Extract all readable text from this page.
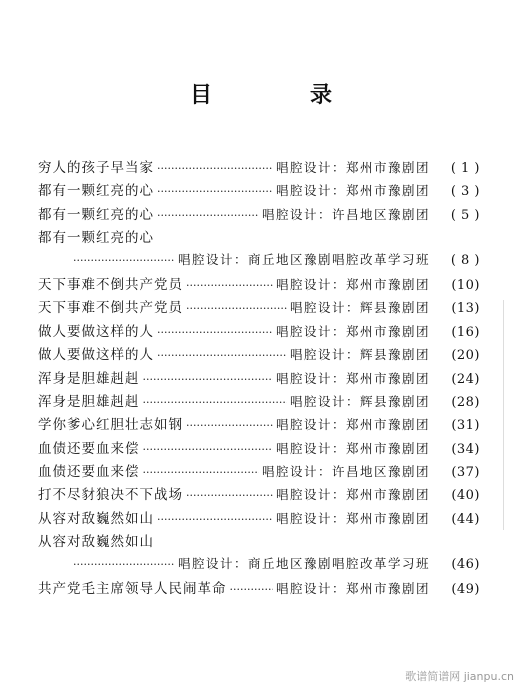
目　录
穷人的孩子早当家 ·····	唱腔设计：郑州市豫剧团	( 1 )
都有一颗红亮的心 ·····	唱腔设计：郑州市豫剧团	( 3 )
都有一颗红亮的心 ·····	唱腔设计：许昌地区豫剧团	( 5 )
都有一颗红亮的心
·····
唱腔设计：商丘地区豫剧唱腔改革学习班	( 8 )
天下事难不倒共产党员 ·····	唱腔设计：郑州市豫剧团	(10)
天下事难不倒共产党员 ·····	唱腔设计：辉县豫剧团	(13)
做人要做这样的人 ·····	唱腔设计：郑州市豫剧团	(16)
做人要做这样的人 ·····	唱腔设计：辉县豫剧团	(20)
浑身是胆雄赳赳 ·····	唱腔设计：郑州市豫剧团	(24)
浑身是胆雄赳赳 ·····	唱腔设计：辉县豫剧团	(28)
学你爹心红胆壮志如钢 ·····	唱腔设计：郑州市豫剧团	(31)
血债还要血来偿 ·····	唱腔设计：郑州市豫剧团	(34)
血债还要血来偿 ·····	唱腔设计：许昌地区豫剧团	(37)
打不尽豺狼决不下战场 ·····	唱腔设计：郑州市豫剧团	(40)
从容对敌巍然如山 ·····	唱腔设计：郑州市豫剧团	(44)
从容对敌巍然如山
·····
唱腔设计：商丘地区豫剧唱腔改革学习班	(46)
共产党毛主席领导人民闹革命 ·····	唱腔设计：郑州市豫剧团	(49)
歌谱简谱网 jianpu.cn
